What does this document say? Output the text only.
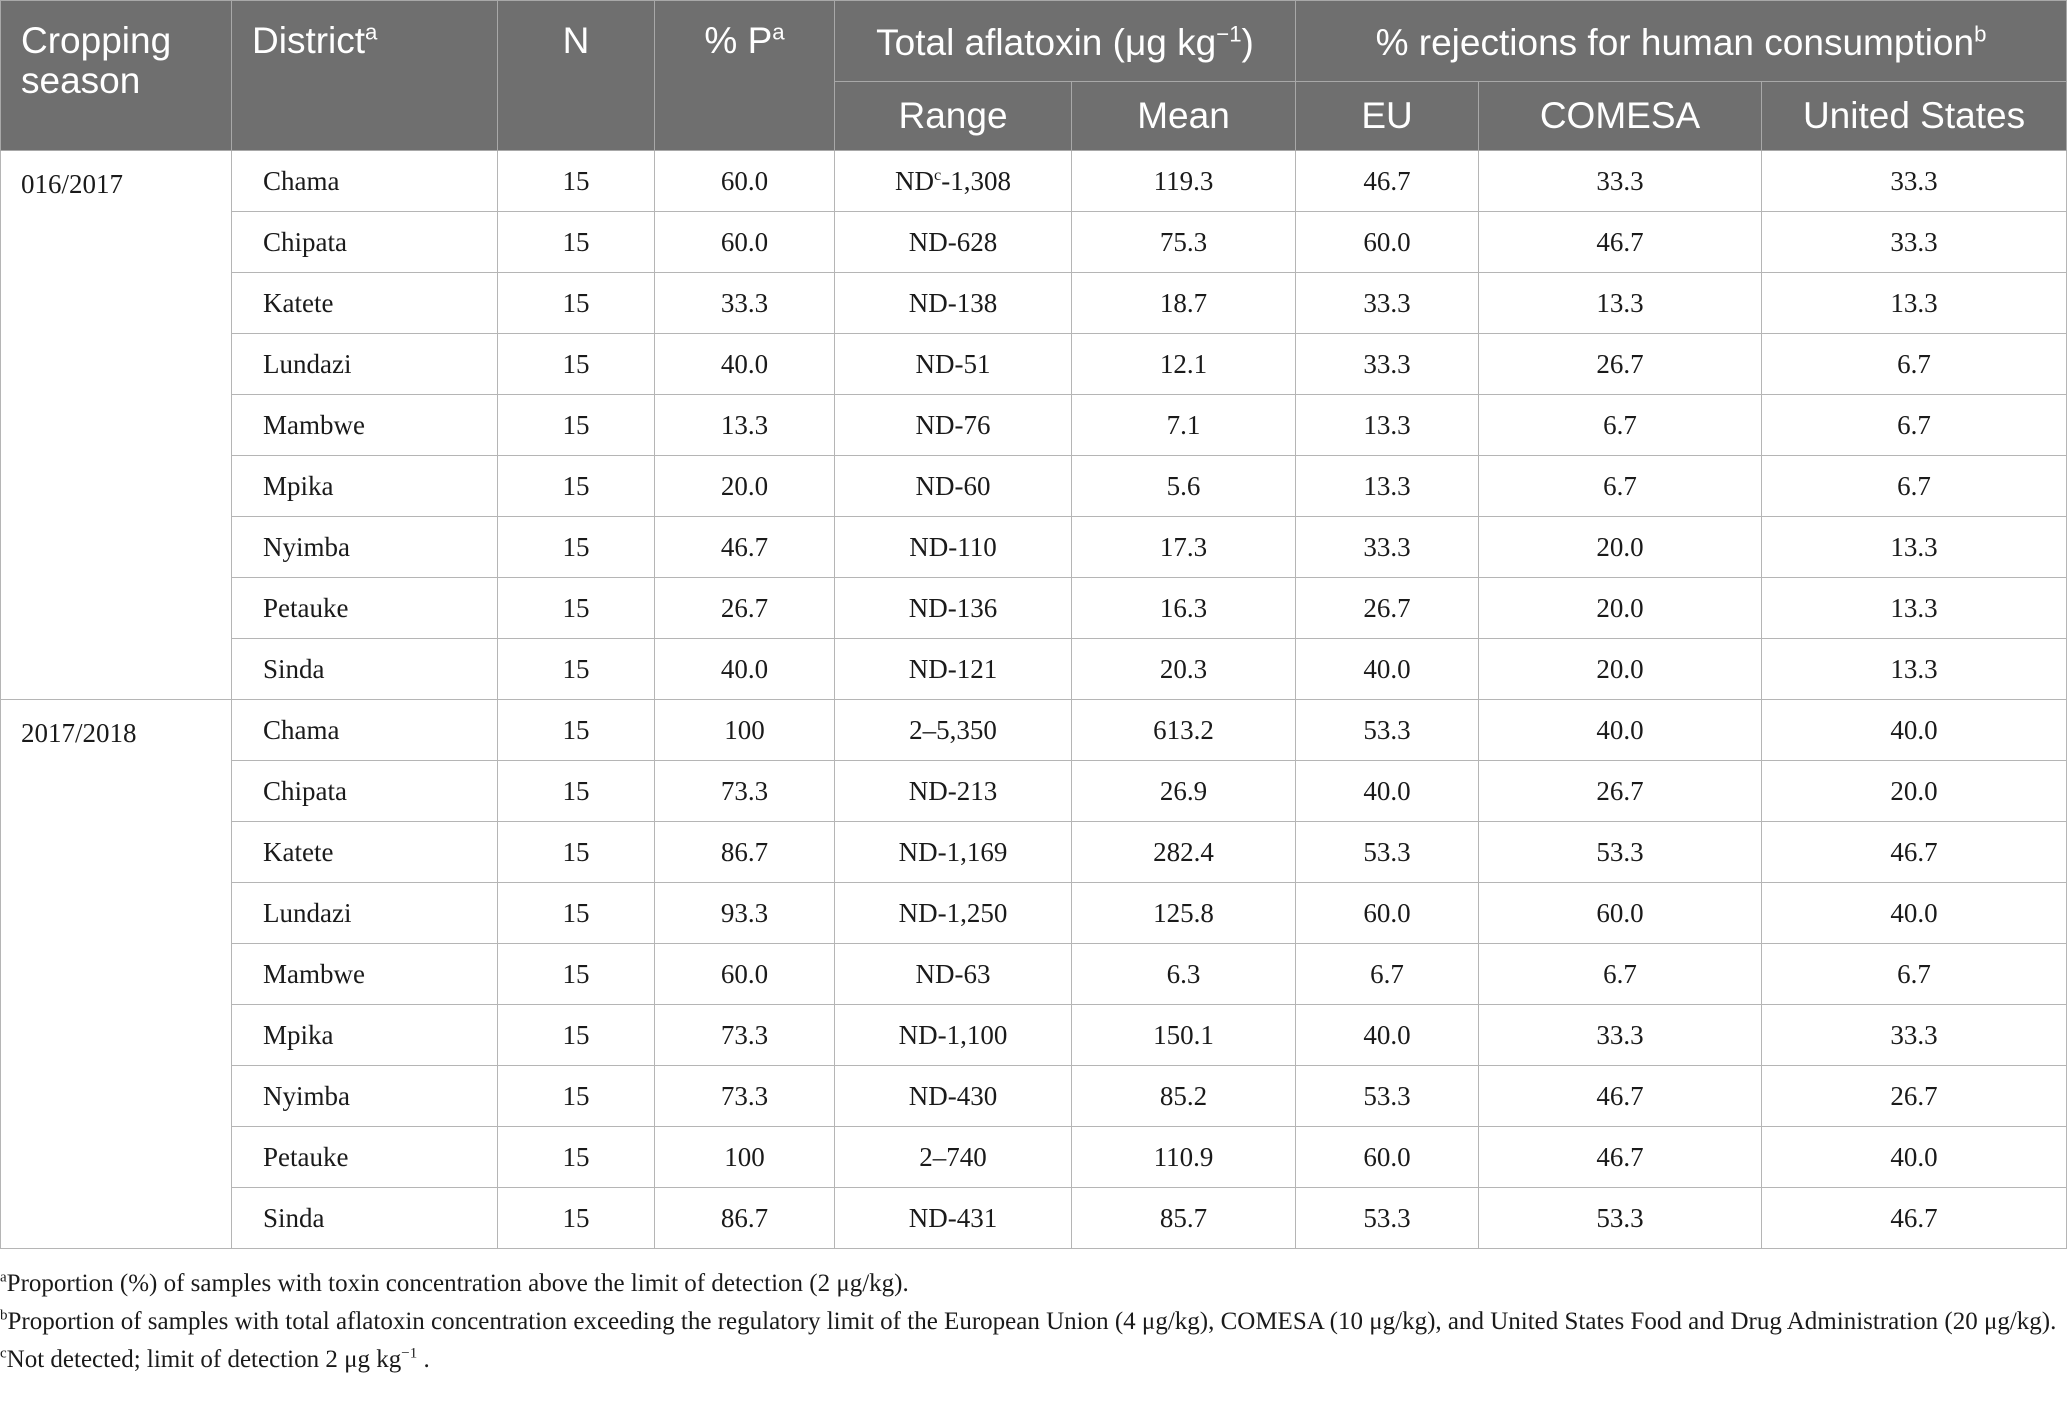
Cropping season	District$^a$	N	% $P^a$	Total aflatoxin (μg $kg^{-1}$)		% rejections for human consumption$^b$
				Range	Mean	EU	COMESA	United States
016/2017	Chama	15	60.0	$ND^c-1,308$	119.3	46.7	33.3	33.3
	Chipata	15	60.0	ND-628	75.3	60.0	46.7	33.3
	Katete	15	33.3	ND-138	18.7	33.3	13.3	13.3
	Lundazi	15	40.0	ND-51	12.1	33.3	26.7	6.7
	Mambwe	15	13.3	ND-76	7.1	13.3	6.7	6.7
	Mpika	15	20.0	ND-60	5.6	13.3	6.7	6.7
	Nyimba	15	46.7	ND-110	17.3	33.3	20.0	13.3
	Petauke	15	26.7	ND-136	16.3	26.7	20.0	13.3
	Sinda	15	40.0	ND-121	20.3	40.0	20.0	13.3
2017/2018	Chama	15	100	2–5,350	613.2	53.3	40.0	40.0
	Chipata	15	73.3	ND-213	26.9	40.0	26.7	20.0
	Katete	15	86.7	ND-1,169	282.4	53.3	53.3	46.7
	Lundazi	15	93.3	ND-1,250	125.8	60.0	60.0	40.0
	Mambwe	15	60.0	ND-63	6.3	6.7	6.7	6.7
	Mpika	15	73.3	ND-1,100	150.1	40.0	33.3	33.3
	Nyimba	15	73.3	ND-430	85.2	53.3	46.7	26.7
	Petauke	15	100	2–740	110.9	60.0	46.7	40.0
	Sinda	15	86.7	ND-431	85.7	53.3	53.3	46.7

$^a$Proportion (%) of samples with toxin concentration above the limit of detection (2 μg/kg).

$^b$Proportion of samples with total aflatoxin concentration exceeding the regulatory limit of the European Union (4 μg/kg), COMESA (10 μg/kg), and United States Food and Drug Administration (20 μg/kg).

$^c$Not detected; limit of detection 2 μg $kg^{-1}$ .
